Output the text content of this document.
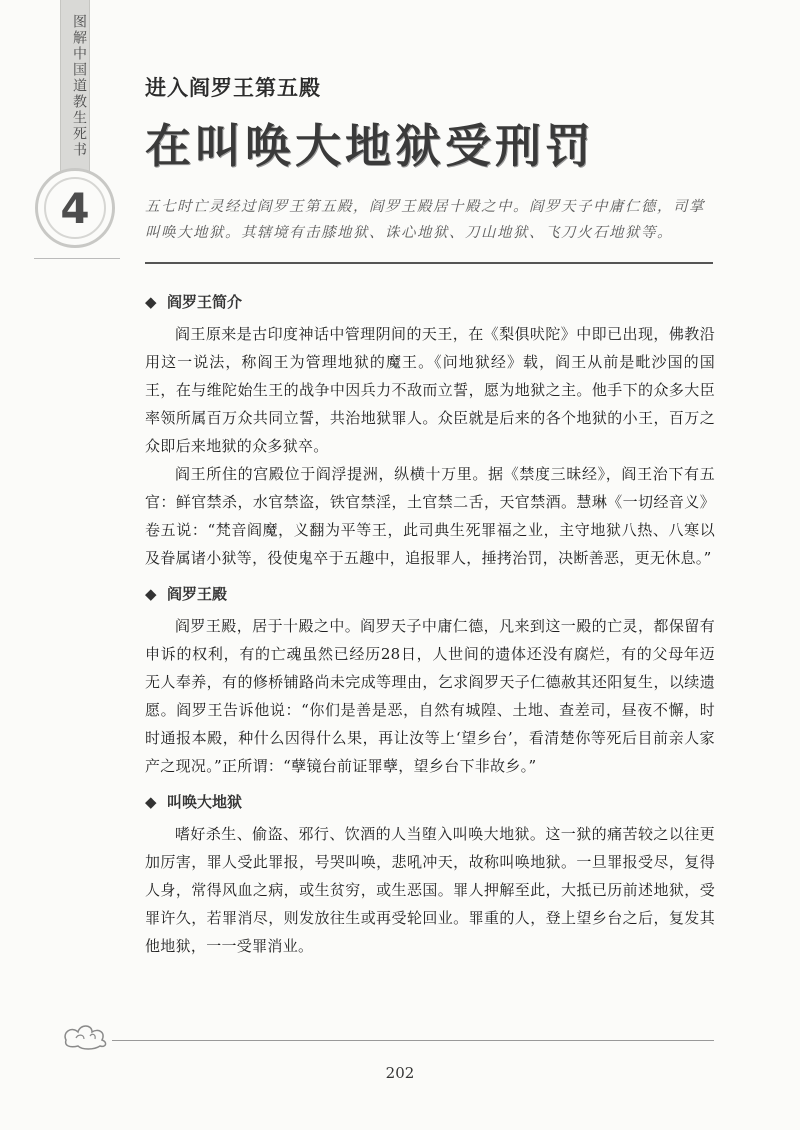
图解中国道教生死书
4
进入阎罗王第五殿
在叫唤大地狱受刑罚
五七时亡灵经过阎罗王第五殿，阎罗王殿居十殿之中。阎罗天子中庸仁德，司掌叫唤大地狱。其辖境有击膝地狱、诛心地狱、刀山地狱、飞刀火石地狱等。
◆ 阎罗王简介

阎王原来是古印度神话中管理阴间的天王，在《梨俱吠陀》中即已出现，佛教沿用这一说法，称阎王为管理地狱的魔王。《问地狱经》载，阎王从前是毗沙国的国王，在与维陀始生王的战争中因兵力不敌而立誓，愿为地狱之主。他手下的众多大臣率领所属百万众共同立誓，共治地狱罪人。众臣就是后来的各个地狱的小王，百万之众即后来地狱的众多狱卒。

阎王所住的宫殿位于阎浮提洲，纵横十万里。据《禁度三昧经》，阎王治下有五官：鲜官禁杀，水官禁盗，铁官禁淫，土官禁二舌，天官禁酒。慧琳《一切经音义》卷五说：“梵音阎魔，义翻为平等王，此司典生死罪福之业，主守地狱八热、八寒以及眷属诸小狱等，役使鬼卒于五趣中，追报罪人，捶拷治罚，决断善恶，更无休息。”

◆ 阎罗王殿

阎罗王殿，居于十殿之中。阎罗天子中庸仁德，凡来到这一殿的亡灵，都保留有申诉的权利，有的亡魂虽然已经历28日，人世间的遗体还没有腐烂，有的父母年迈无人奉养，有的修桥铺路尚未完成等理由，乞求阎罗天子仁德赦其还阳复生，以续遗愿。阎罗王告诉他说：“你们是善是恶，自然有城隍、土地、查差司，昼夜不懈，时时通报本殿，种什么因得什么果，再让汝等上‘望乡台’，看清楚你等死后目前亲人家产之现况。”正所谓：“孽镜台前证罪孽，望乡台下非故乡。”

◆ 叫唤大地狱

嗜好杀生、偷盗、邪行、饮酒的人当堕入叫唤大地狱。这一狱的痛苦较之以往更加厉害，罪人受此罪报，号哭叫唤，悲吼冲天，故称叫唤地狱。一旦罪报受尽，复得人身，常得风血之病，或生贫穷，或生恶国。罪人押解至此，大抵已历前述地狱，受罪许久，若罪消尽，则发放往生或再受轮回业。罪重的人，登上望乡台之后，复发其他地狱，一一受罪消业。

202
